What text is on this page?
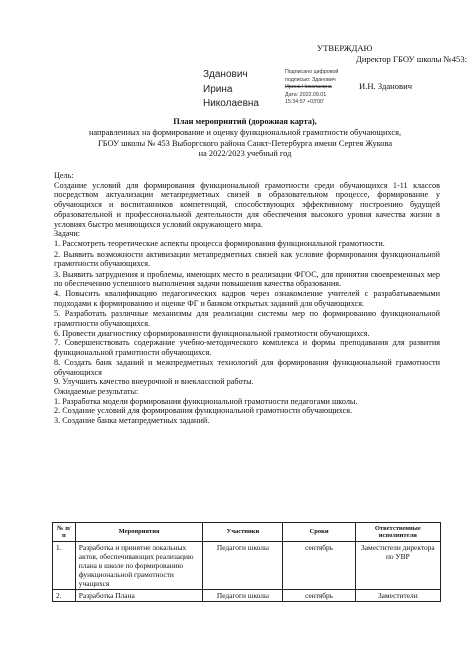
УТВЕРЖДАЮ
Директор ГБОУ школы №453:
Зданович
Ирина
Николаевна
Подписано цифровой
подписью: Зданович
Ирина Николаевна
Дата: 2022.09.01
15:34:57 +03'00'
И.Н. Зданович
План мероприятий (дорожная карта),
направленных на формирование и оценку функциональной грамотности обучающихся,
ГБОУ школы № 453 Выборгского района Санкт-Петербурга имени Сергея Жукова
на 2022/2023 учебный год

Цель:

Создание условий для формирования функциональной грамотности среди обучающихся 1-11 классов посредством актуализации метапредметных связей в образовательном процессе, формирование у обучающихся и воспитанников компетенций, способствующих эффективному построению будущей образовательной и профессиональной деятельности для обеспечения высокого уровня качества жизни в условиях быстро меняющихся условий окружающего мира.

Задачи:

1. Рассмотреть теоретические аспекты процесса формирования функциональной грамотности.

2. Выявить возможности активизации метапредметных связей как условие формирования функциональной грамотности обучающихся.

3. Выявить затруднения и проблемы, имеющих место в реализации ФГОС, для принятия своевременных мер по обеспечению успешного выполнения задачи повышения качества образования.

4. Повысить квалификацию педагогических кадров через ознакомление учителей с разрабатываемыми подходами к формированию и оценке ФГ и банком открытых заданий для обучающихся.

5. Разработать различные механизмы для реализации системы мер по формированию функциональной грамотности обучающихся.

6. Провести диагностику сформированности функциональной грамотности обучающихся.

7. Совершенствовать содержание учебно-методического комплекса и формы преподавания для развития функциональной грамотности обучающихся.

8. Создать банк заданий и межпредметных технологий для формирования функциональной грамотности обучающихся

9. Улучшить качество внеурочной и внеклассной работы.

Ожидаемые результаты:

1. Разработка модели формирования функциональной грамотности педагогами школы.

2. Создание условий для формирования функциональной грамотности обучающихся.

3. Создание банка метапредметных заданий.

№ п/п	Мероприятия	Участники	Сроки	Ответственные исполнители
1.	Разработка и принятие локальных актов, обеспечивающих реализацию плана в школе по формированию функциональной грамотности учащихся	Педагоги школы	сентябрь	Заместители директора по УВР
2.	Разработка Плана	Педагоги школы	сентябрь	Заместители
